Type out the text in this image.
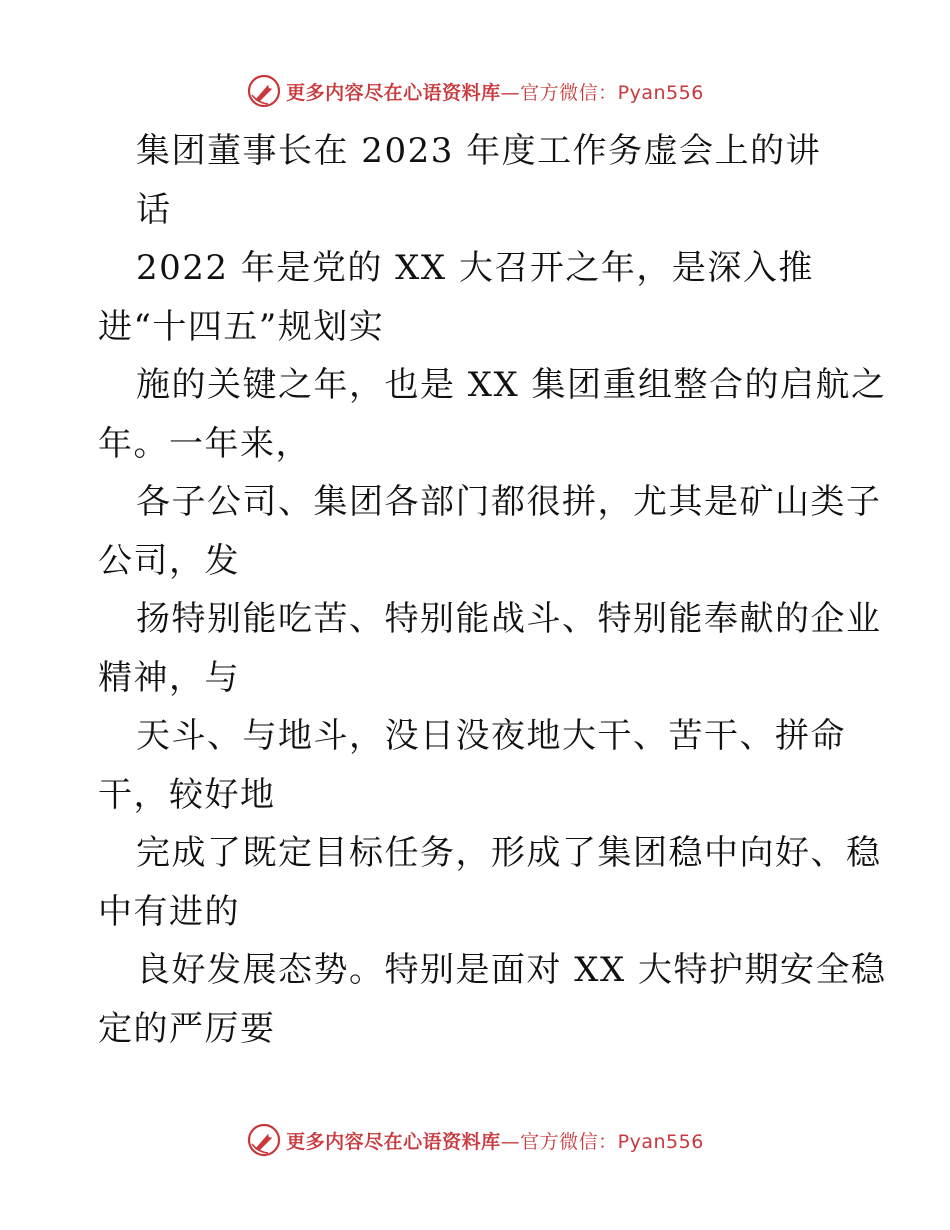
更多内容尽在心语资料库—官方微信：Pyan556
集团董事长在 2023 年度工作务虚会上的讲
话
2022 年是党的 XX 大召开之年，是深入推
进“十四五”规划实
施的关键之年，也是 XX 集团重组整合的启航之
年。一年来，
各子公司、集团各部门都很拼，尤其是矿山类子
公司，发
扬特别能吃苦、特别能战斗、特别能奉献的企业
精神，与
天斗、与地斗，没日没夜地大干、苦干、拼命
干，较好地
完成了既定目标任务，形成了集团稳中向好、稳
中有进的
良好发展态势。特别是面对 XX 大特护期安全稳
定的严厉要
更多内容尽在心语资料库—官方微信：Pyan556
